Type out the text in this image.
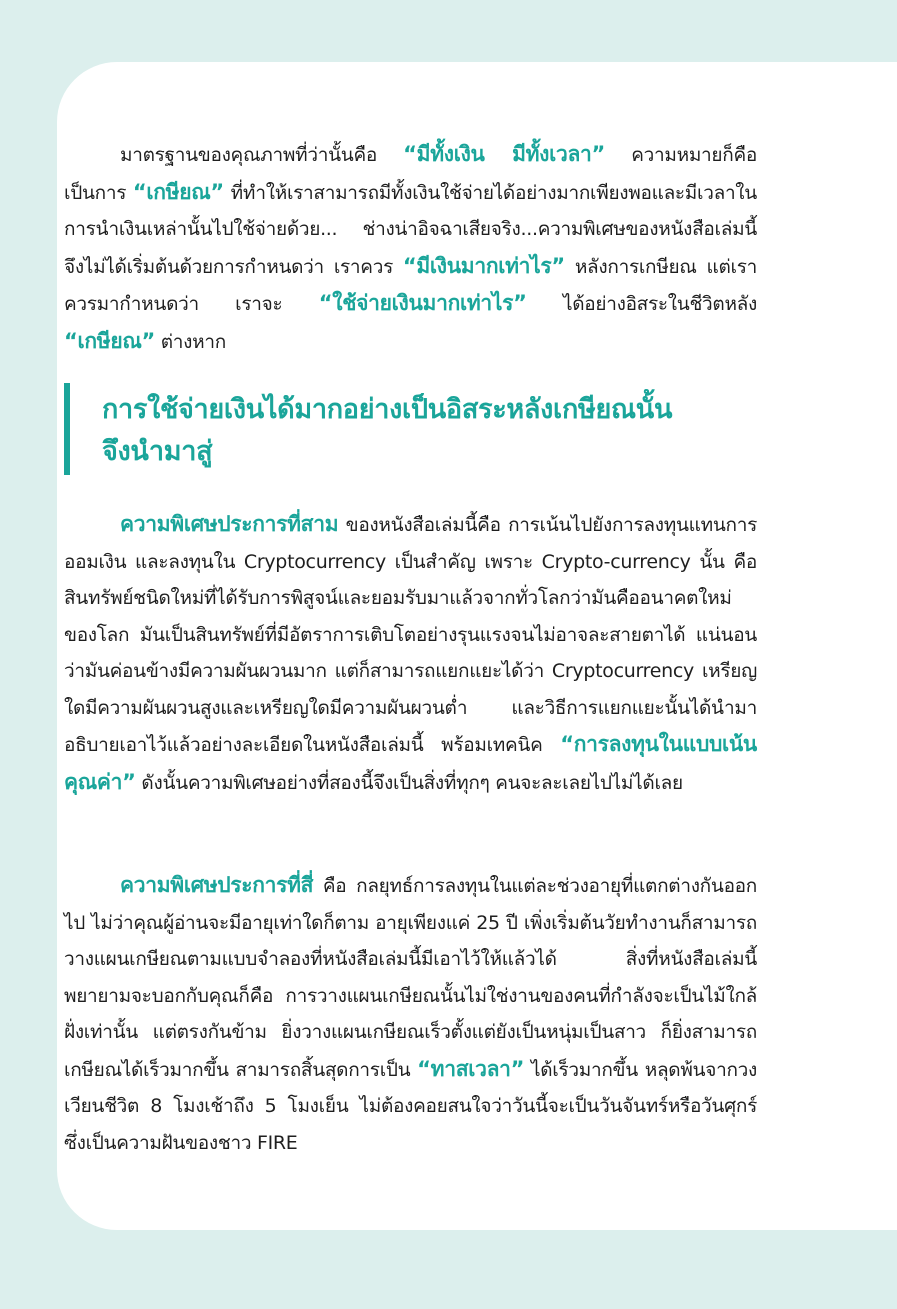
มาตรฐานของคุณภาพที่ว่านั้นคือ “มีทั้งเงิน มีทั้งเวลา” ความหมายก็คือ เป็นการ “เกษียณ” ที่ทำให้เราสามารถมีทั้งเงินใช้จ่ายได้อย่างมากเพียงพอและมีเวลาในการนำเงินเหล่านั้นไปใช้จ่ายด้วย... ช่างน่าอิจฉาเสียจริง...ความพิเศษของหนังสือเล่มนี้จึงไม่ได้เริ่มต้นด้วยการกำหนดว่า เราควร “มีเงินมากเท่าไร” หลังการเกษียณ แต่เราควรมากำหนดว่า เราจะ “ใช้จ่ายเงินมากเท่าไร” ได้อย่างอิสระในชีวิตหลัง “เกษียณ” ต่างหาก

การใช้จ่ายเงินได้มากอย่างเป็นอิสระหลังเกษียณนั้น
จึงนำมาสู่

ความพิเศษประการที่สาม ของหนังสือเล่มนี้คือ การเน้นไปยังการลงทุนแทนการออมเงิน และลงทุนใน Cryptocurrency เป็นสำคัญ เพราะ Crypto-currency นั้น คือสินทรัพย์ชนิดใหม่ที่ได้รับการพิสูจน์และยอมรับมาแล้วจากทั่วโลกว่ามันคืออนาคตใหม่ของโลก มันเป็นสินทรัพย์ที่มีอัตราการเติบโตอย่างรุนแรงจนไม่อาจละสายตาได้ แน่นอนว่ามันค่อนข้างมีความผันผวนมาก แต่ก็สามารถแยกแยะได้ว่า Cryptocurrency เหรียญใดมีความผันผวนสูงและเหรียญใดมีความผันผวนต่ำ และวิธีการแยกแยะนั้นได้นำมาอธิบายเอาไว้แล้วอย่างละเอียดในหนังสือเล่มนี้ พร้อมเทคนิค “การลงทุนในแบบเน้นคุณค่า” ดังนั้นความพิเศษอย่างที่สองนี้จึงเป็นสิ่งที่ทุกๆ คนจะละเลยไปไม่ได้เลย

ความพิเศษประการที่สี่ คือ กลยุทธ์การลงทุนในแต่ละช่วงอายุที่แตกต่างกันออกไป ไม่ว่าคุณผู้อ่านจะมีอายุเท่าใดก็ตาม อายุเพียงแค่ 25 ปี เพิ่งเริ่มต้นวัยทำงานก็สามารถวางแผนเกษียณตามแบบจำลองที่หนังสือเล่มนี้มีเอาไว้ให้แล้วได้ สิ่งที่หนังสือเล่มนี้พยายามจะบอกกับคุณก็คือ การวางแผนเกษียณนั้นไม่ใช่งานของคนที่กำลังจะเป็นไม้ใกล้ฝั่งเท่านั้น แต่ตรงกันข้าม ยิ่งวางแผนเกษียณเร็วตั้งแต่ยังเป็นหนุ่มเป็นสาว ก็ยิ่งสามารถเกษียณได้เร็วมากขึ้น สามารถสิ้นสุดการเป็น “ทาสเวลา” ได้เร็วมากขึ้น หลุดพ้นจากวงเวียนชีวิต 8 โมงเช้าถึง 5 โมงเย็น ไม่ต้องคอยสนใจว่าวันนี้จะเป็นวันจันทร์หรือวันศุกร์ ซึ่งเป็นความฝันของชาว FIRE
